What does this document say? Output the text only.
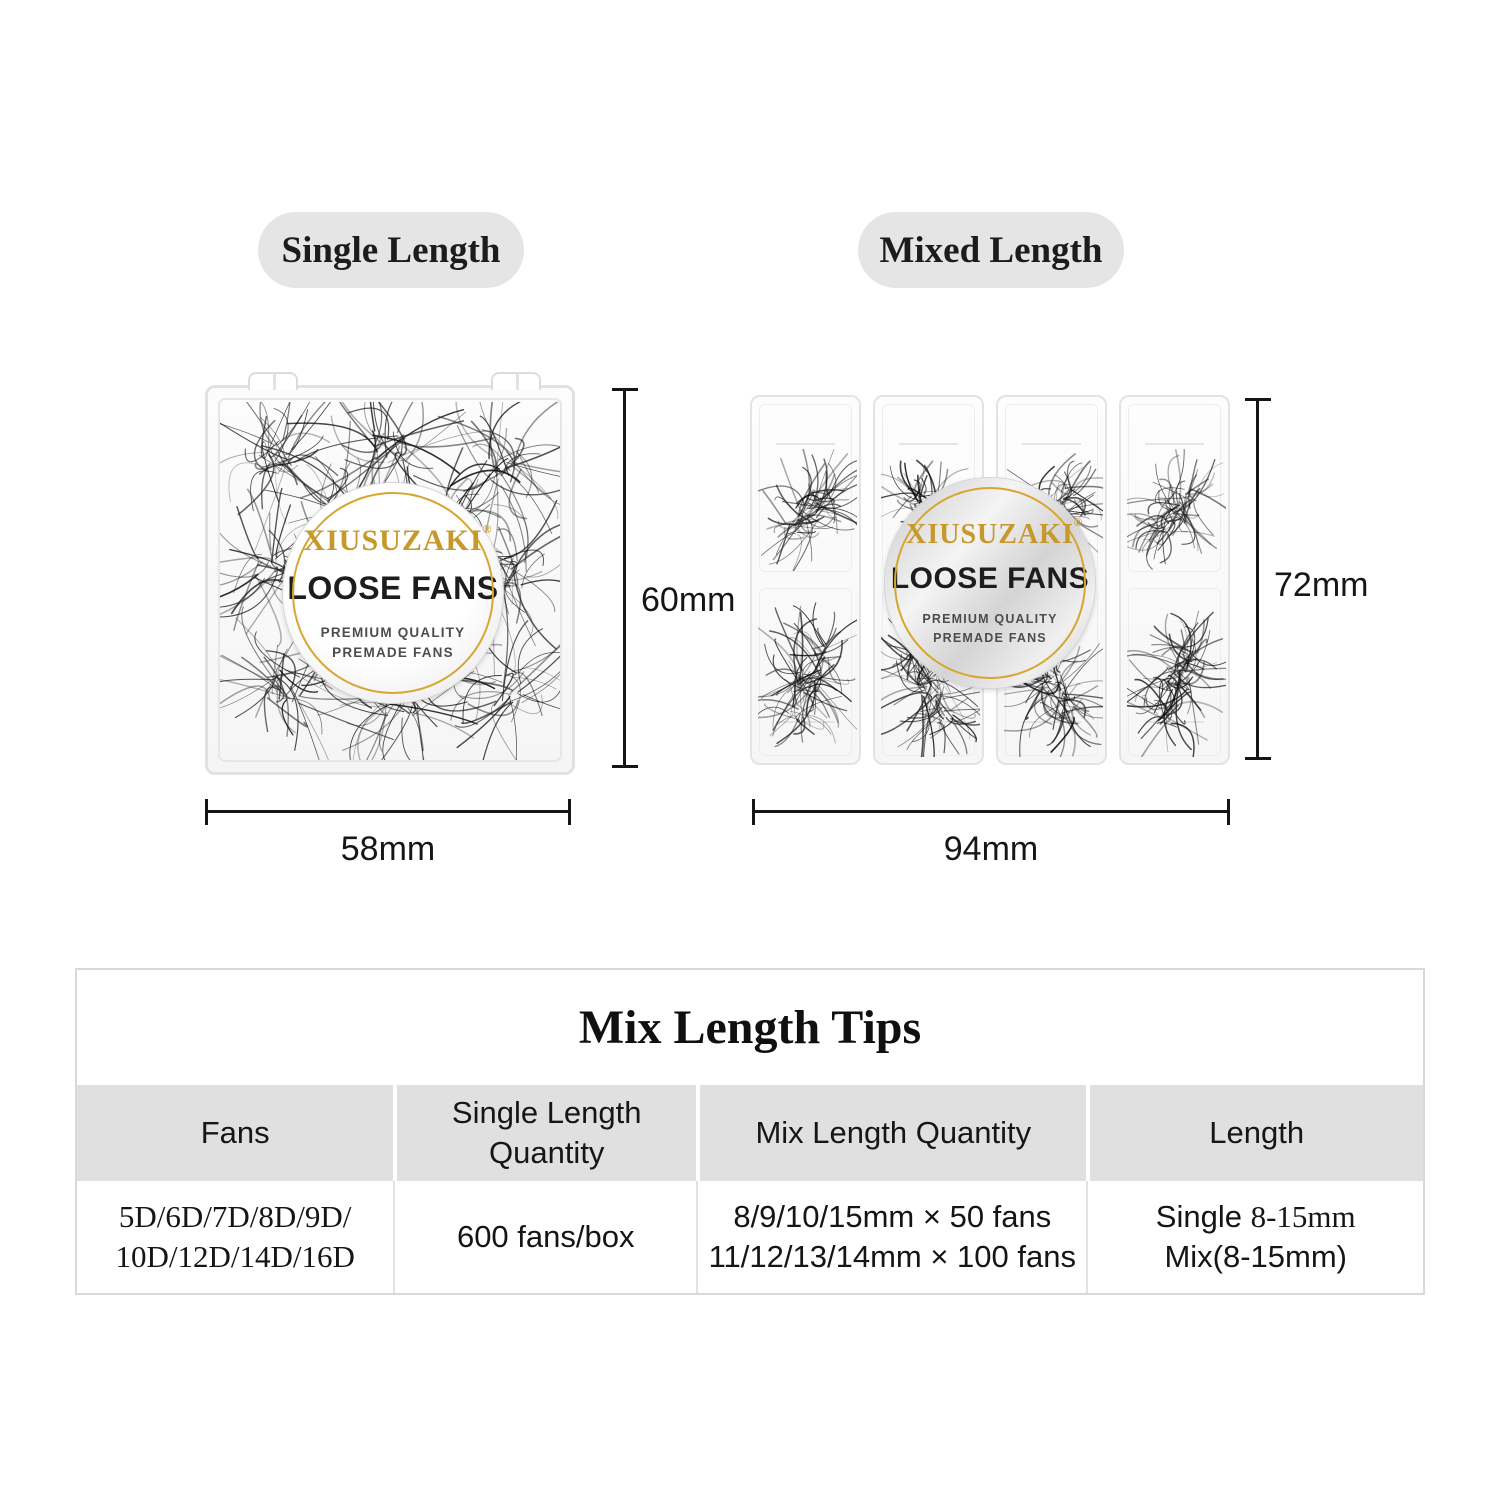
Single Length	Mixed Length
XIUSUZAKI ®
LOOSE FANS
PREMIUM QUALITY
PREMADE FANS
60mm
58mm
XIUSUZAKI ®
LOOSE FANS
PREMIUM QUALITY
PREMADE FANS
72mm
94mm
Mix Length Tips
Fans
Single Length Quantity
Mix Length Quantity	Length
5D/6D/7D/8D/9D/
10D/12D/14D/16D
600 fans/box
8/9/10/15mm × 50 fans
11/12/13/14mm × 100 fans
Single 8-15mm
Mix(8-15mm)
